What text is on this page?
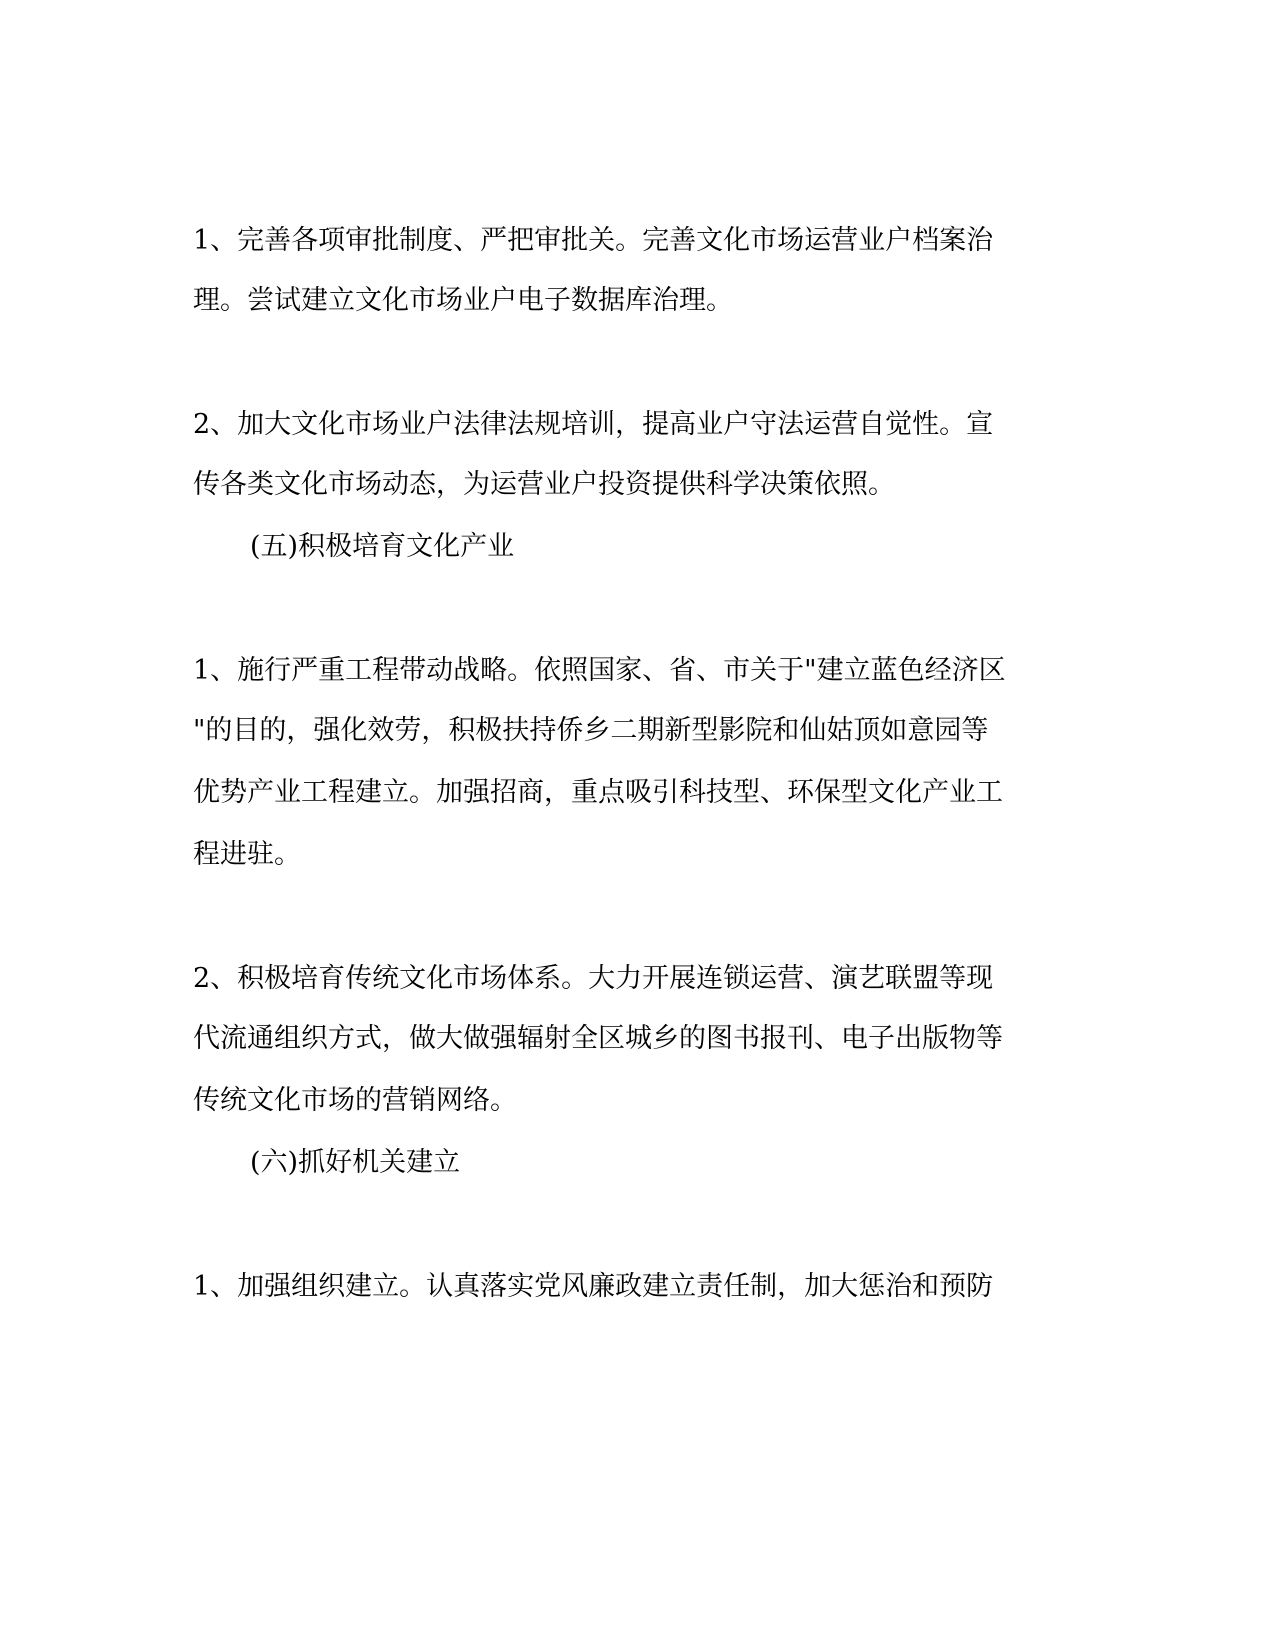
1、完善各项审批制度、严把审批关。完善文化市场运营业户档案治
理。尝试建立文化市场业户电子数据库治理。
2、加大文化市场业户法律法规培训，提高业户守法运营自觉性。宣
传各类文化市场动态，为运营业户投资提供科学决策依照。
(五)积极培育文化产业
1、施行严重工程带动战略。依照国家、省、市关于"建立蓝色经济区
"的目的，强化效劳，积极扶持侨乡二期新型影院和仙姑顶如意园等
优势产业工程建立。加强招商，重点吸引科技型、环保型文化产业工
程进驻。
2、积极培育传统文化市场体系。大力开展连锁运营、演艺联盟等现
代流通组织方式，做大做强辐射全区城乡的图书报刊、电子出版物等
传统文化市场的营销网络。
(六)抓好机关建立
1、加强组织建立。认真落实党风廉政建立责任制，加大惩治和预防
